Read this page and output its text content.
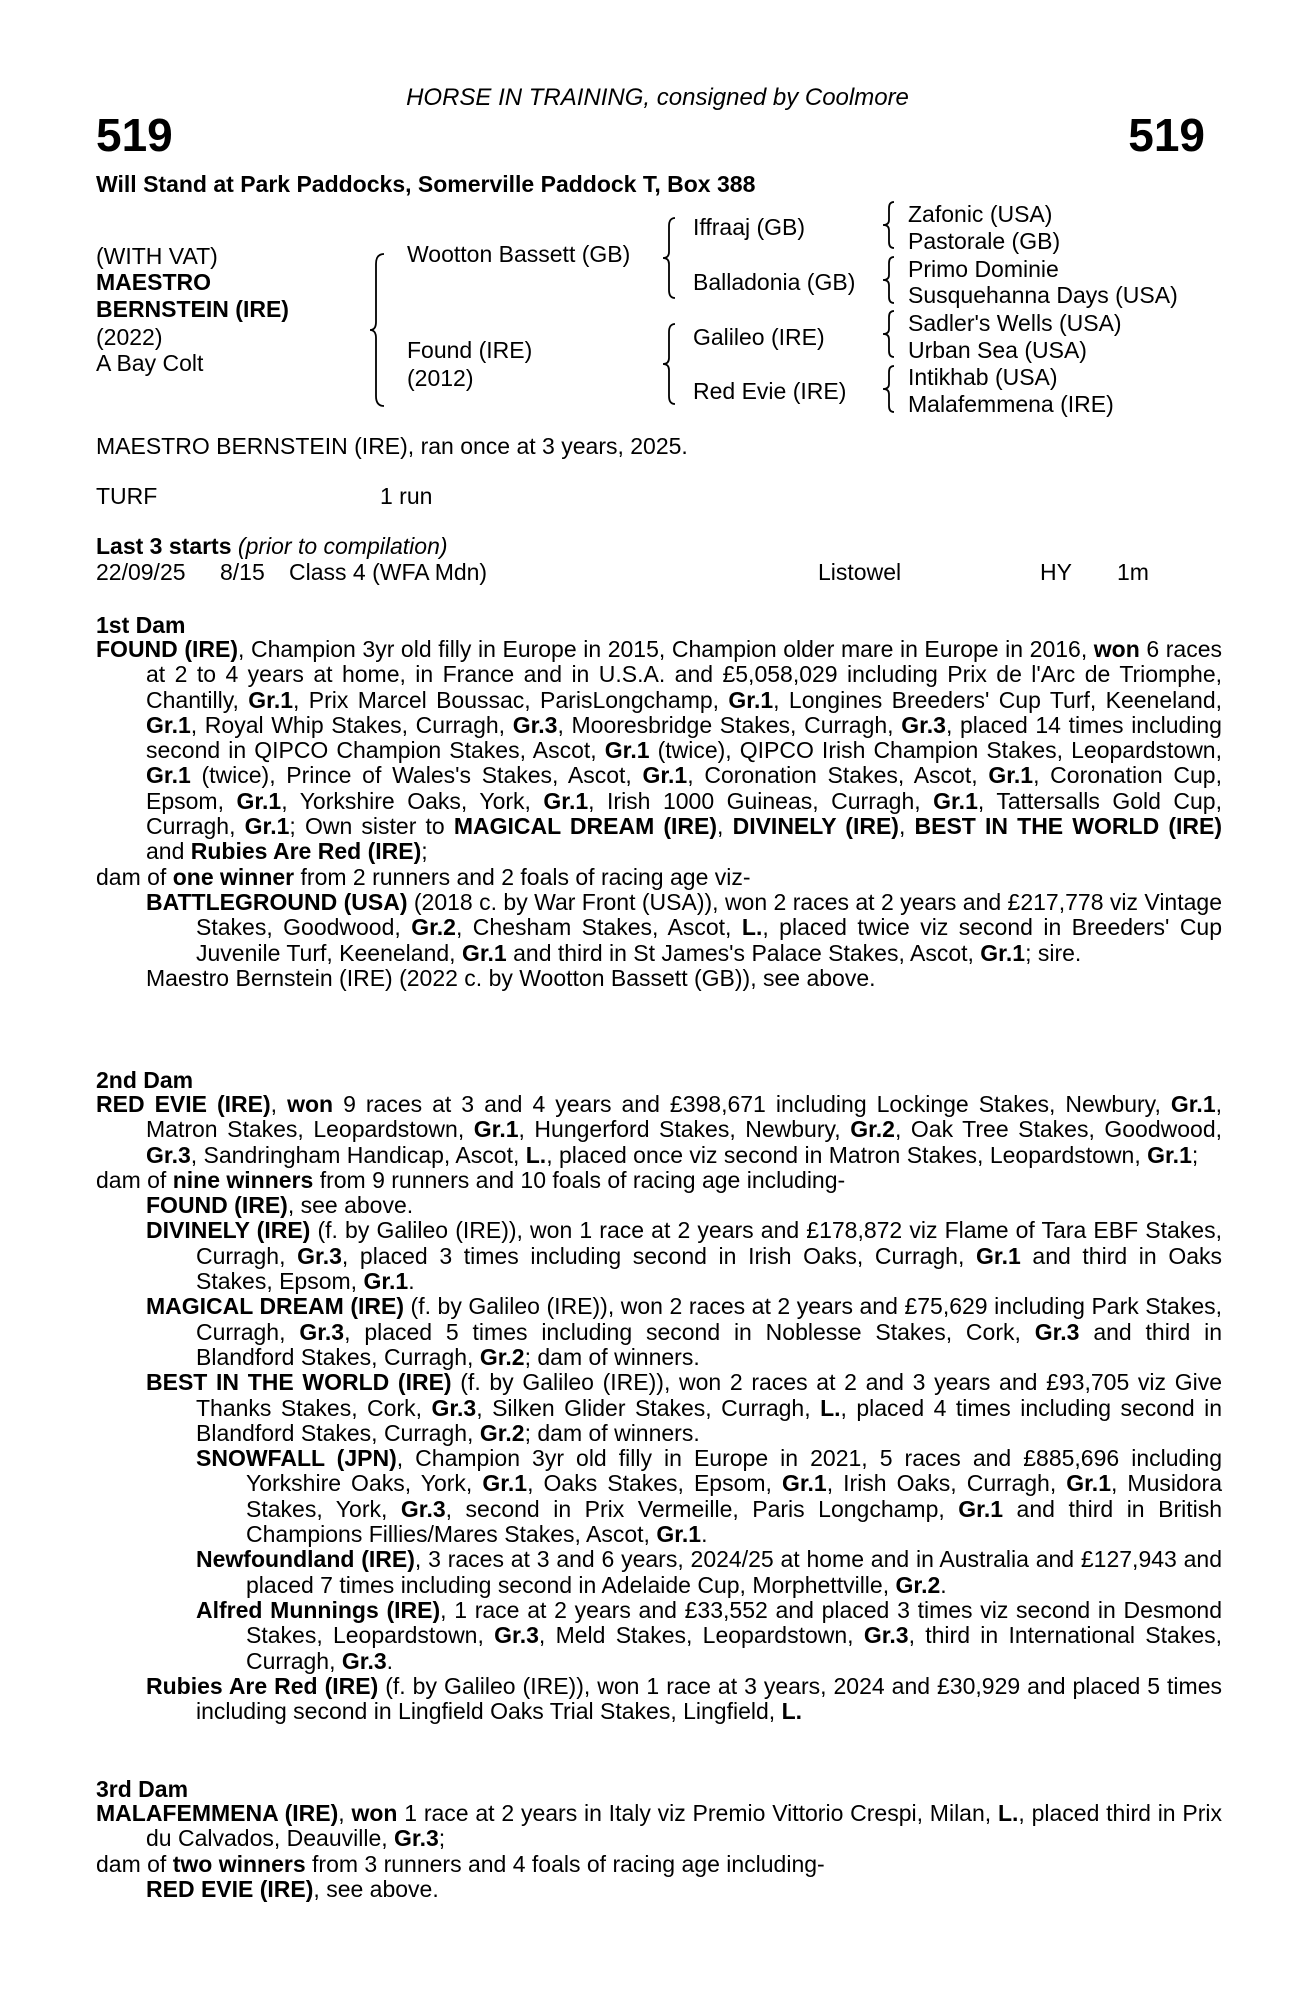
HORSE IN TRAINING, consigned by Coolmore
519	519
Will Stand at Park Paddocks, Somerville Paddock T, Box 388
(WITH VAT)
MAESTRO
BERNSTEIN (IRE)
(2022)
A Bay Colt
Wootton Bassett (GB)
Found (IRE)
(2012)
Iffraaj (GB)
Balladonia (GB)
Galileo (IRE)
Red Evie (IRE)
Zafonic (USA)
Pastorale (GB)
Primo Dominie
Susquehanna Days (USA)
Sadler's Wells (USA)
Urban Sea (USA)
Intikhab (USA)
Malafemmena (IRE)
MAESTRO BERNSTEIN (IRE), ran once at 3 years, 2025.
TURF	1 run
Last 3 starts (prior to compilation)
22/09/25 8/15 Class 4 (WFA Mdn)	Listowel	HY 1m
1st Dam

FOUND (IRE), Champion 3yr old filly in Europe in 2015, Champion older mare in Europe in 2016, won 6 races at 2 to 4 years at home, in France and in U.S.A. and £5,058,029 including Prix de l'Arc de Triomphe, Chantilly, Gr.1, Prix Marcel Boussac, ParisLongchamp, Gr.1, Longines Breeders' Cup Turf, Keeneland, Gr.1, Royal Whip Stakes, Curragh, Gr.3, Mooresbridge Stakes, Curragh, Gr.3, placed 14 times including second in QIPCO Champion Stakes, Ascot, Gr.1 (twice), QIPCO Irish Champion Stakes, Leopardstown, Gr.1 (twice), Prince of Wales's Stakes, Ascot, Gr.1, Coronation Stakes, Ascot, Gr.1, Coronation Cup, Epsom, Gr.1, Yorkshire Oaks, York, Gr.1, Irish 1000 Guineas, Curragh, Gr.1, Tattersalls Gold Cup, Curragh, Gr.1; Own sister to MAGICAL DREAM (IRE), DIVINELY (IRE), BEST IN THE WORLD (IRE) and Rubies Are Red (IRE);

dam of one winner from 2 runners and 2 foals of racing age viz-

BATTLEGROUND (USA) (2018 c. by War Front (USA)), won 2 races at 2 years and £217,778 viz Vintage Stakes, Goodwood, Gr.2, Chesham Stakes, Ascot, L., placed twice viz second in Breeders' Cup Juvenile Turf, Keeneland, Gr.1 and third in St James's Palace Stakes, Ascot, Gr.1; sire.

Maestro Bernstein (IRE) (2022 c. by Wootton Bassett (GB)), see above.

2nd Dam

RED EVIE (IRE), won 9 races at 3 and 4 years and £398,671 including Lockinge Stakes, Newbury, Gr.1, Matron Stakes, Leopardstown, Gr.1, Hungerford Stakes, Newbury, Gr.2, Oak Tree Stakes, Goodwood, Gr.3, Sandringham Handicap, Ascot, L., placed once viz second in Matron Stakes, Leopardstown, Gr.1;

dam of nine winners from 9 runners and 10 foals of racing age including-

FOUND (IRE), see above.

DIVINELY (IRE) (f. by Galileo (IRE)), won 1 race at 2 years and £178,872 viz Flame of Tara EBF Stakes, Curragh, Gr.3, placed 3 times including second in Irish Oaks, Curragh, Gr.1 and third in Oaks Stakes, Epsom, Gr.1.

MAGICAL DREAM (IRE) (f. by Galileo (IRE)), won 2 races at 2 years and £75,629 including Park Stakes, Curragh, Gr.3, placed 5 times including second in Noblesse Stakes, Cork, Gr.3 and third in Blandford Stakes, Curragh, Gr.2; dam of winners.

BEST IN THE WORLD (IRE) (f. by Galileo (IRE)), won 2 races at 2 and 3 years and £93,705 viz Give Thanks Stakes, Cork, Gr.3, Silken Glider Stakes, Curragh, L., placed 4 times including second in Blandford Stakes, Curragh, Gr.2; dam of winners.

SNOWFALL (JPN), Champion 3yr old filly in Europe in 2021, 5 races and £885,696 including Yorkshire Oaks, York, Gr.1, Oaks Stakes, Epsom, Gr.1, Irish Oaks, Curragh, Gr.1, Musidora Stakes, York, Gr.3, second in Prix Vermeille, Paris Longchamp, Gr.1 and third in British Champions Fillies/Mares Stakes, Ascot, Gr.1.

Newfoundland (IRE), 3 races at 3 and 6 years, 2024/25 at home and in Australia and £127,943 and placed 7 times including second in Adelaide Cup, Morphettville, Gr.2.

Alfred Munnings (IRE), 1 race at 2 years and £33,552 and placed 3 times viz second in Desmond Stakes, Leopardstown, Gr.3, Meld Stakes, Leopardstown, Gr.3, third in International Stakes, Curragh, Gr.3.

Rubies Are Red (IRE) (f. by Galileo (IRE)), won 1 race at 3 years, 2024 and £30,929 and placed 5 times including second in Lingfield Oaks Trial Stakes, Lingfield, L.

3rd Dam

MALAFEMMENA (IRE), won 1 race at 2 years in Italy viz Premio Vittorio Crespi, Milan, L., placed third in Prix du Calvados, Deauville, Gr.3;

dam of two winners from 3 runners and 4 foals of racing age including-

RED EVIE (IRE), see above.
